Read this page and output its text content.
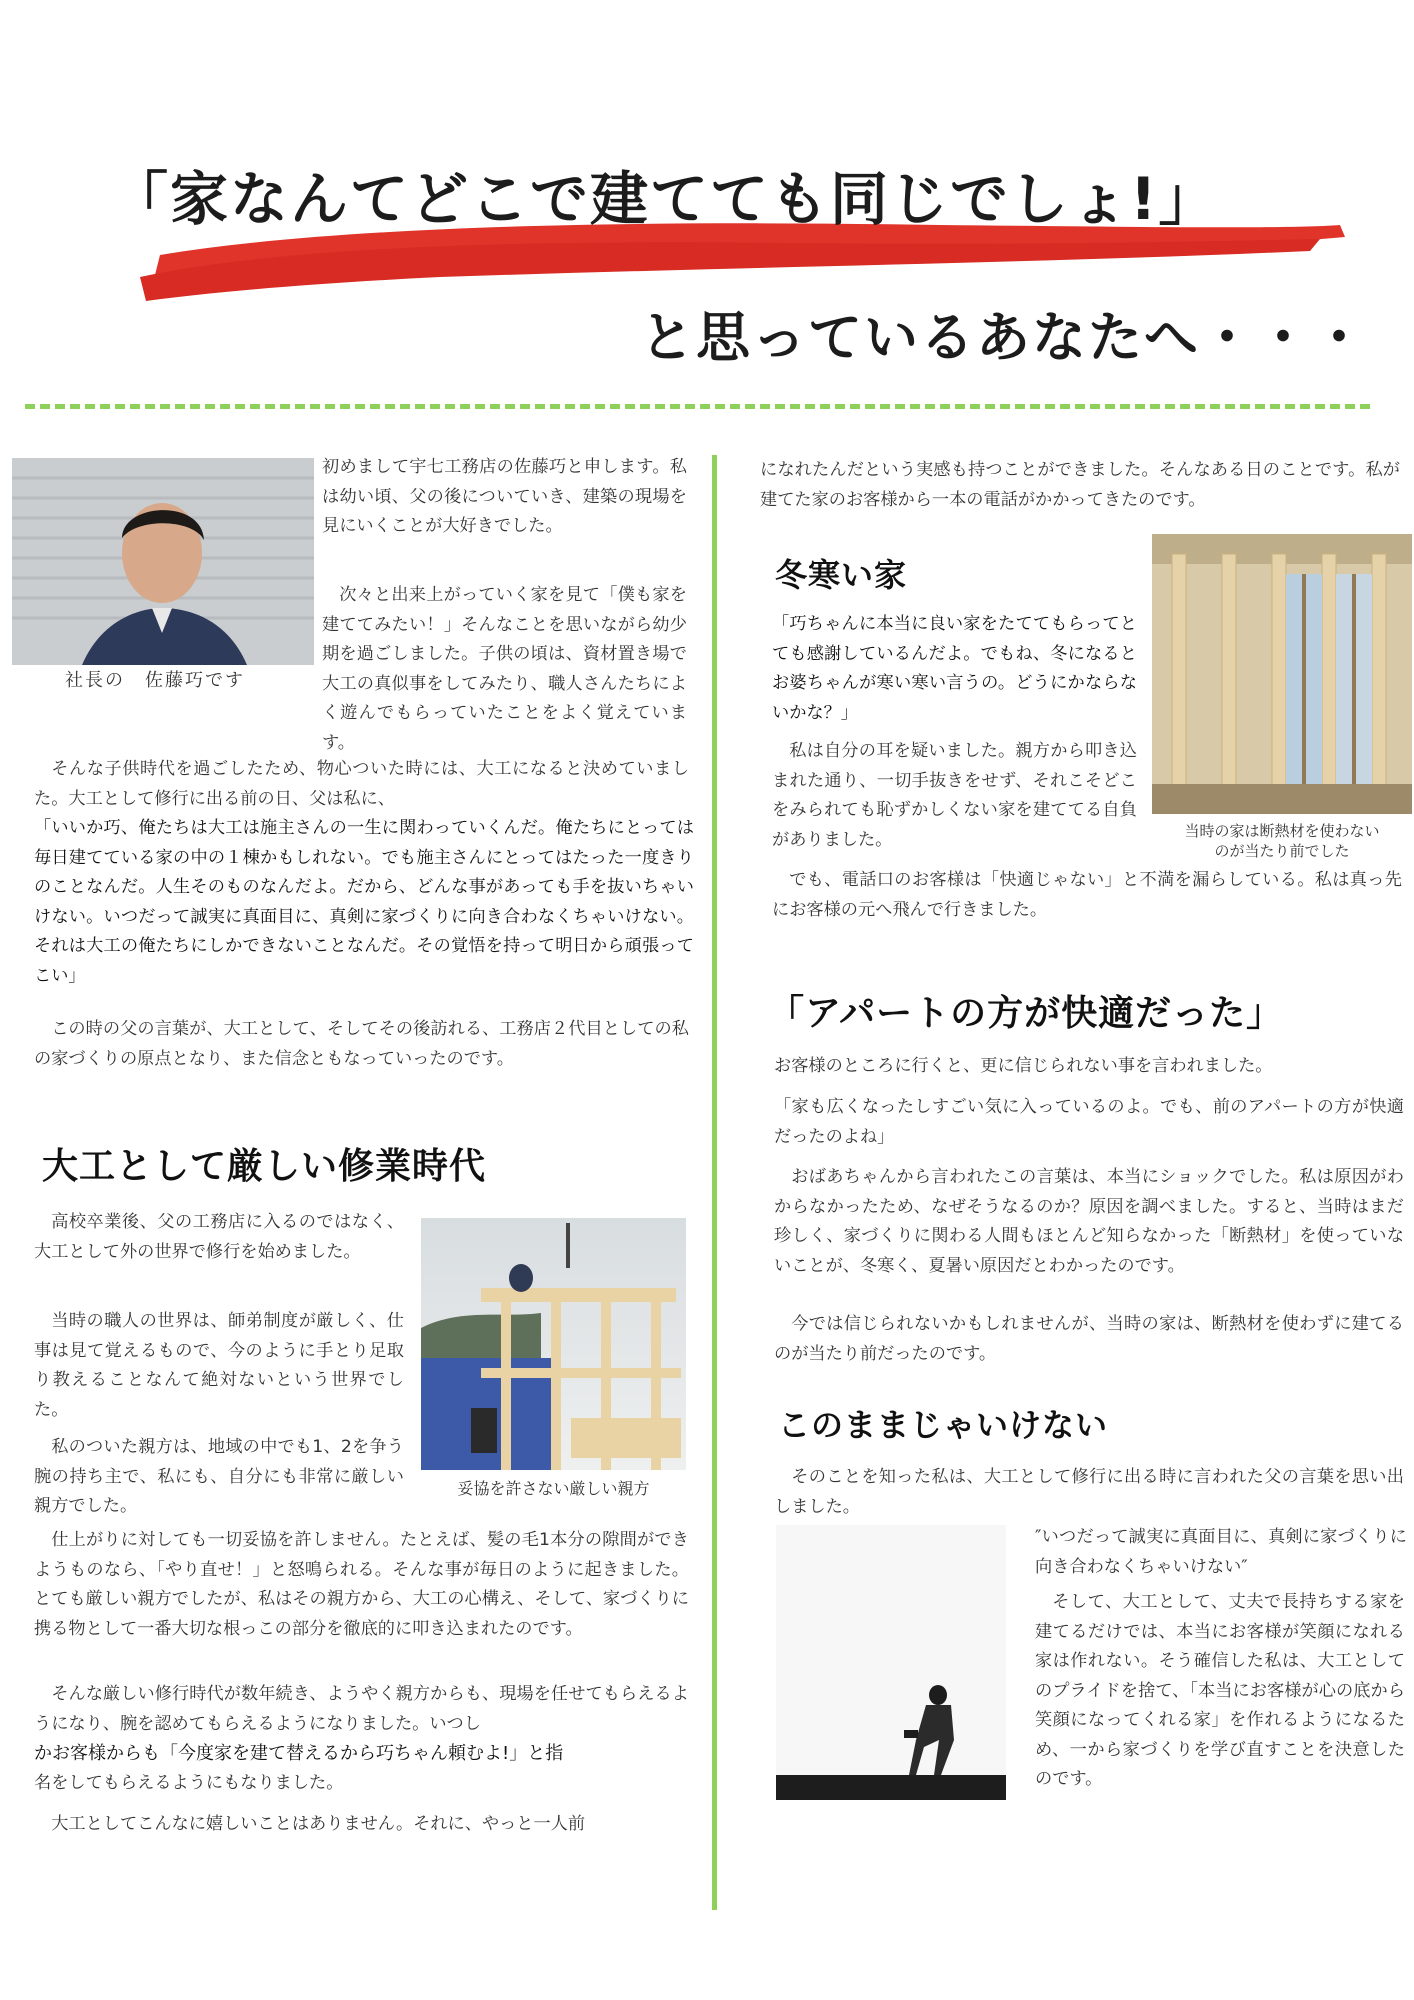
「家なんてどこで建てても同じでしょ!」
と思っているあなたへ・・・
社長の　佐藤巧です

初めまして宇七工務店の佐藤巧と申します。私は幼い頃、父の後についていき、建築の現場を見にいくことが大好きでした。

次々と出来上がっていく家を見て「僕も家を建ててみたい！」そんなことを思いながら幼少期を過ごしました。子供の頃は、資材置き場で大工の真似事をしてみたり、職人さんたちによく遊んでもらっていたことをよく覚えています。

そんな子供時代を過ごしたため、物心ついた時には、大工になると決めていました。大工として修行に出る前の日、父は私に、

「いいか巧、俺たちは大工は施主さんの一生に関わっていくんだ。俺たちにとっては毎日建てている家の中の１棟かもしれない。でも施主さんにとってはたった一度きりのことなんだ。人生そのものなんだよ。だから、どんな事があっても手を抜いちゃいけない。いつだって誠実に真面目に、真剣に家づくりに向き合わなくちゃいけない。それは大工の俺たちにしかできないことなんだ。その覚悟を持って明日から頑張ってこい」

この時の父の言葉が、大工として、そしてその後訪れる、工務店２代目としての私の家づくりの原点となり、また信念ともなっていったのです。

大工として厳しい修業時代

高校卒業後、父の工務店に入るのではなく、大工として外の世界で修行を始めました。

当時の職人の世界は、師弟制度が厳しく、仕事は見て覚えるもので、今のように手とり足取り教えることなんて絶対ないという世界でした。

私のついた親方は、地域の中でも1、2を争う腕の持ち主で、私にも、自分にも非常に厳しい親方でした。

妥協を許さない厳しい親方

仕上がりに対しても一切妥協を許しません。たとえば、髪の毛1本分の隙間ができようものなら、「やり直せ！」と怒鳴られる。そんな事が毎日のように起きました。とても厳しい親方でしたが、私はその親方から、大工の心構え、そして、家づくりに携る物として一番大切な根っこの部分を徹底的に叩き込まれたのです。

そんな厳しい修行時代が数年続き、ようやく親方からも、現場を任せてもらえるようになり、腕を認めてもらえるようになりました。いつし

かお客様からも「今度家を建て替えるから巧ちゃん頼むよ!」と指

名をしてもらえるようにもなりました。

大工としてこんなに嬉しいことはありません。それに、やっと一人前

になれたんだという実感も持つことができました。そんなある日のことです。私が建てた家のお客様から一本の電話がかかってきたのです。

冬寒い家

「巧ちゃんに本当に良い家をたててもらってとても感謝しているんだよ。でもね、冬になるとお婆ちゃんが寒い寒い言うの。どうにかならないかな？」

私は自分の耳を疑いました。親方から叩き込まれた通り、一切手抜きをせず、それこそどこをみられても恥ずかしくない家を建ててる自負がありました。	当時の家は断熱材を使わない
のが当たり前でした

でも、電話口のお客様は「快適じゃない」と不満を漏らしている。私は真っ先にお客様の元へ飛んで行きました。

「アパートの方が快適だった」

お客様のところに行くと、更に信じられない事を言われました。

「家も広くなったしすごい気に入っているのよ。でも、前のアパートの方が快適だったのよね」

おばあちゃんから言われたこの言葉は、本当にショックでした。私は原因がわからなかったため、なぜそうなるのか？原因を調べました。すると、当時はまだ珍しく、家づくりに関わる人間もほとんど知らなかった「断熱材」を使っていないことが、冬寒く、夏暑い原因だとわかったのです。

今では信じられないかもしれませんが、当時の家は、断熱材を使わずに建てるのが当たり前だったのです。

このままじゃいけない

そのことを知った私は、大工として修行に出る時に言われた父の言葉を思い出しました。

″いつだって誠実に真面目に、真剣に家づくりに向き合わなくちゃいけない″

そして、大工として、丈夫で長持ちする家を建てるだけでは、本当にお客様が笑顔になれる家は作れない。そう確信した私は、大工としてのプライドを捨て、「本当にお客様が心の底から笑顔になってくれる家」を作れるようになるため、一から家づくりを学び直すことを決意したのです。
